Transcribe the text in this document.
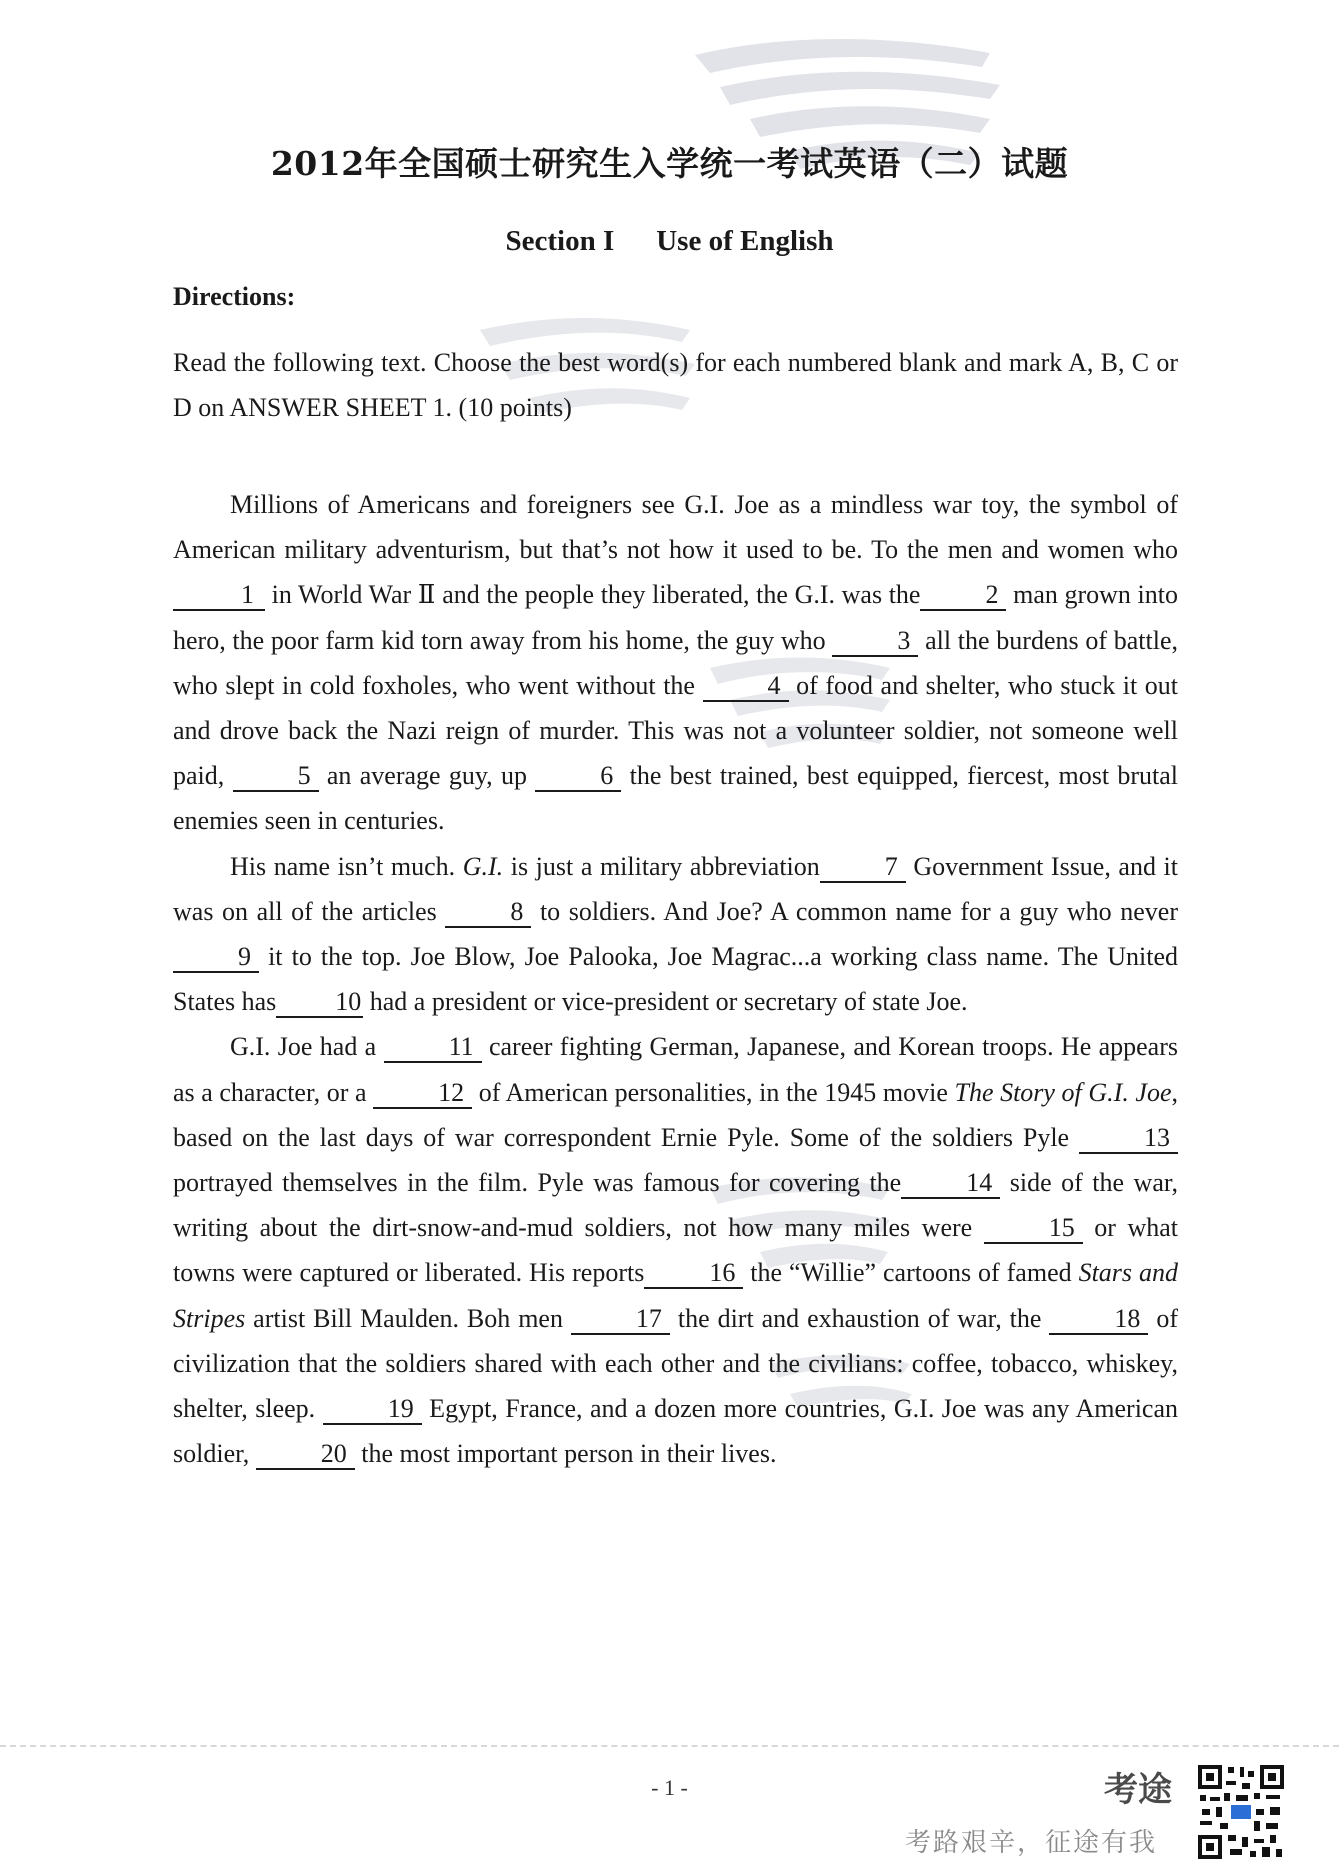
2012年全国硕士研究生入学统一考试英语（二）试题
Section I Use of English
Directions:
Read the following text. Choose the best word(s) for each numbered blank and mark A, B, C or D on ANSWER SHEET 1. (10 points)

Millions of Americans and foreigners see G.I. Joe as a mindless war toy, the symbol of American military adventurism, but that’s not how it used to be. To the men and women who1 in World War Ⅱ and the people they liberated, the G.I. was the	2 man grown into hero, the poor farm kid torn away from his home, the guy who	3 all the burdens of battle, who slept in cold foxholes, who went without the	4 of food and shelter, who stuck it out and drove back the Nazi reign of murder. This was not a volunteer soldier, not someone well paid,	5 an average guy, up	6 the best trained, best equipped, fiercest, most brutal enemies seen in centuries.

His name isn’t much. G.I. is just a military abbreviation	7 Government Issue, and it was on all of the articles	8 to soldiers. And Joe? A common name for a guy who never 9 it to the top. Joe Blow, Joe Palooka, Joe Magrac...a working class name. The United States has 10 had a president or vice-president or secretary of state Joe.

G.I. Joe had a	11 career fighting German, Japanese, and Korean troops. He appears as a character, or a	12 of American personalities, in the 1945 movie The Story of G.I. Joe, based on the last days of war correspondent Ernie Pyle. Some of the soldiers Pyle	13 portrayed themselves in the film. Pyle was famous for covering the	14 side of the war, writing about the dirt-snow-and-mud soldiers, not how many miles were	15 or what towns were captured or liberated. His reports	16 the “Willie” cartoons of famed Stars and Stripes artist Bill Maulden. Boh men	17 the dirt and exhaustion of war, the	18 of civilization that the soldiers shared with each other and the civilians: coffee, tobacco, whiskey, shelter, sleep.	19 Egypt, France, and a dozen more countries, G.I. Joe was any American soldier,	20 the most important person in their lives.

- 1 -	考途
考路艰辛，征途有我
